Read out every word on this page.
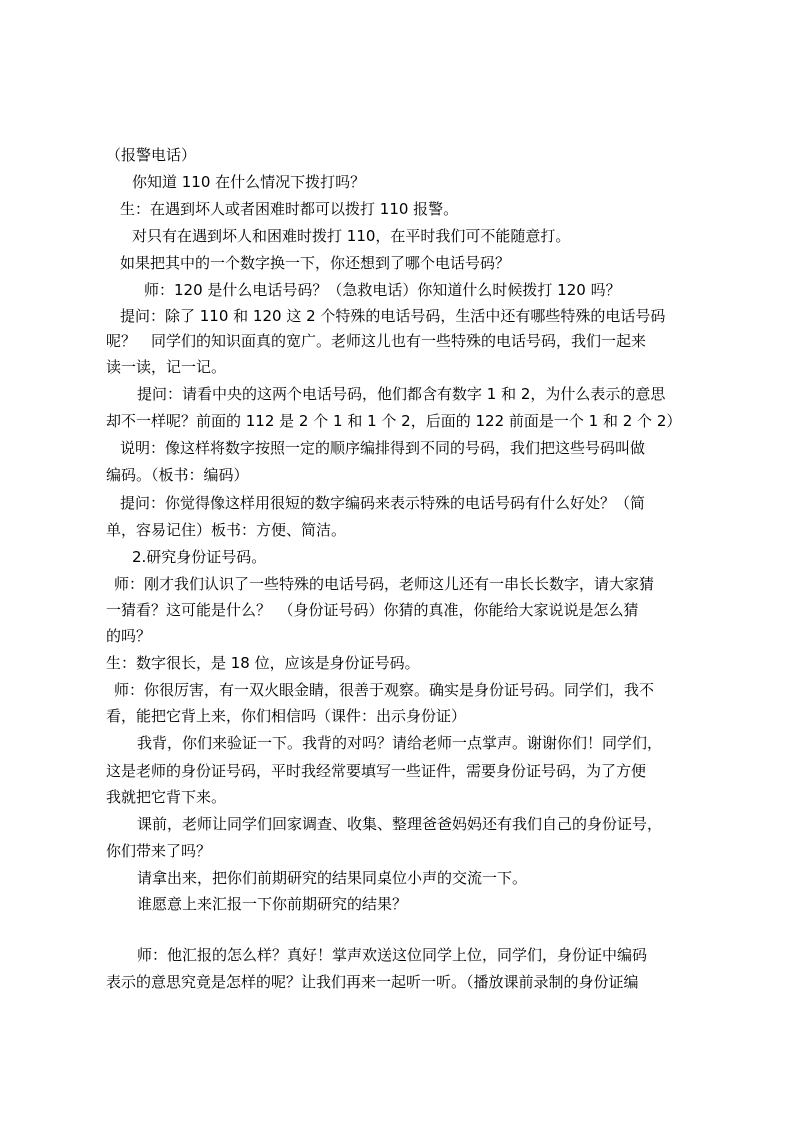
（报警电话）
你知道 110 在什么情况下拨打吗？
生：在遇到坏人或者困难时都可以拨打 110 报警。
对只有在遇到坏人和困难时拨打 110，在平时我们可不能随意打。
如果把其中的一个数字换一下，你还想到了哪个电话号码？
师：120 是什么电话号码？（急救电话）你知道什么时候拨打 120 吗？
提问：除了 110 和 120 这 2 个特殊的电话号码，生活中还有哪些特殊的电话号码
呢？　同学们的知识面真的宽广。老师这儿也有一些特殊的电话号码，我们一起来
读一读，记一记。
提问：请看中央的这两个电话号码，他们都含有数字 1 和 2，为什么表示的意思
却不一样呢？前面的 112 是 2 个 1 和 1 个 2，后面的 122 前面是一个 1 和 2 个 2）
说明：像这样将数字按照一定的顺序编排得到不同的号码，我们把这些号码叫做
编码。（板书：编码）
提问：你觉得像这样用很短的数字编码来表示特殊的电话号码有什么好处？（简
单，容易记住）板书：方便、简洁。
2.研究身份证号码。
师：刚才我们认识了一些特殊的电话号码，老师这儿还有一串长长数字，请大家猜
一猜看？这可能是什么？　（身份证号码）你猜的真准，你能给大家说说是怎么猜
的吗？
生：数字很长，是 18 位，应该是身份证号码。
师：你很厉害，有一双火眼金睛，很善于观察。确实是身份证号码。同学们，我不
看，能把它背上来，你们相信吗（课件：出示身份证）
我背，你们来验证一下。我背的对吗？请给老师一点掌声。谢谢你们！同学们，
这是老师的身份证号码，平时我经常要填写一些证件，需要身份证号码，为了方便
我就把它背下来。
课前，老师让同学们回家调查、收集、整理爸爸妈妈还有我们自己的身份证号，
你们带来了吗？
请拿出来，把你们前期研究的结果同桌位小声的交流一下。
谁愿意上来汇报一下你前期研究的结果？
师：他汇报的怎么样？真好！掌声欢送这位同学上位，同学们，身份证中编码
表示的意思究竟是怎样的呢？让我们再来一起听一听。（播放课前录制的身份证编
